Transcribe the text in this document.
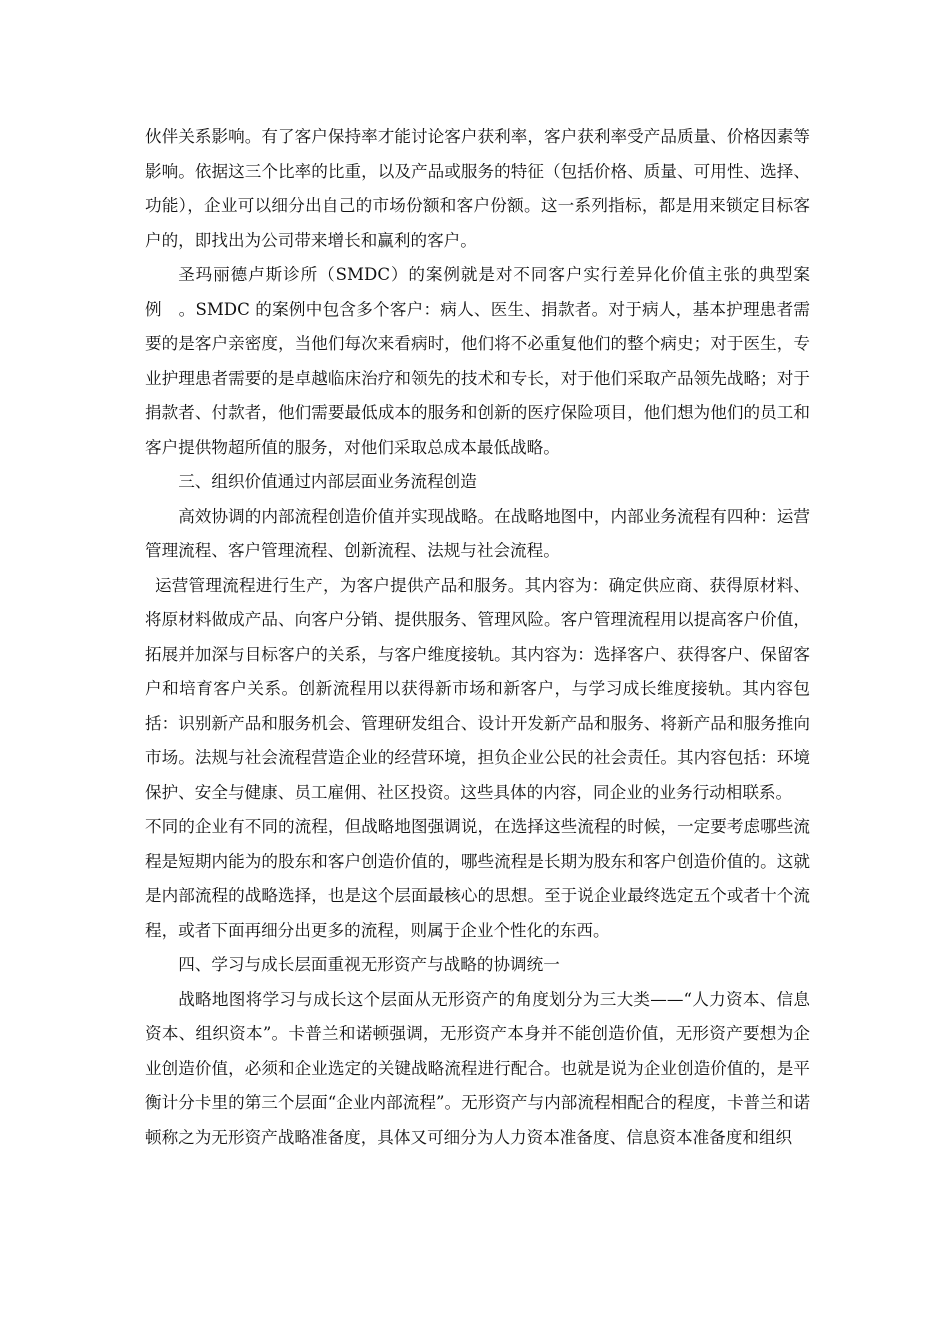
伙伴关系影响。有了客户保持率才能讨论客户获利率，客户获利率受产品质量、价格因素等影响。依据这三个比率的比重，以及产品或服务的特征（包括价格、质量、可用性、选择、功能），企业可以细分出自己的市场份额和客户份额。这一系列指标，都是用来锁定目标客户的，即找出为公司带来增长和赢利的客户。

圣玛丽德卢斯诊所（SMDC）的案例就是对不同客户实行差异化价值主张的典型案例　。SMDC 的案例中包含多个客户：病人、医生、捐款者。对于病人，基本护理患者需要的是客户亲密度，当他们每次来看病时，他们将不必重复他们的整个病史；对于医生，专业护理患者需要的是卓越临床治疗和领先的技术和专长，对于他们采取产品领先战略；对于捐款者、付款者，他们需要最低成本的服务和创新的医疗保险项目，他们想为他们的员工和客户提供物超所值的服务，对他们采取总成本最低战略。

三、组织价值通过内部层面业务流程创造

高效协调的内部流程创造价值并实现战略。在战略地图中，内部业务流程有四种：运营管理流程、客户管理流程、创新流程、法规与社会流程。

运营管理流程进行生产，为客户提供产品和服务。其内容为：确定供应商、获得原材料、将原材料做成产品、向客户分销、提供服务、管理风险。客户管理流程用以提高客户价值，拓展并加深与目标客户的关系，与客户维度接轨。其内容为：选择客户、获得客户、保留客户和培育客户关系。创新流程用以获得新市场和新客户，与学习成长维度接轨。其内容包括：识别新产品和服务机会、管理研发组合、设计开发新产品和服务、将新产品和服务推向市场。法规与社会流程营造企业的经营环境，担负企业公民的社会责任。其内容包括：环境保护、安全与健康、员工雇佣、社区投资。这些具体的内容，同企业的业务行动相联系。

不同的企业有不同的流程，但战略地图强调说，在选择这些流程的时候，一定要考虑哪些流程是短期内能为的股东和客户创造价值的，哪些流程是长期为股东和客户创造价值的。这就是内部流程的战略选择，也是这个层面最核心的思想。至于说企业最终选定五个或者十个流程，或者下面再细分出更多的流程，则属于企业个性化的东西。

四、学习与成长层面重视无形资产与战略的协调统一

战略地图将学习与成长这个层面从无形资产的角度划分为三大类——“人力资本、信息资本、组织资本”。卡普兰和诺顿强调，无形资产本身并不能创造价值，无形资产要想为企业创造价值，必须和企业选定的关键战略流程进行配合。也就是说为企业创造价值的，是平衡计分卡里的第三个层面“企业内部流程”。无形资产与内部流程相配合的程度，卡普兰和诺顿称之为无形资产战略准备度，具体又可细分为人力资本准备度、信息资本准备度和组织
